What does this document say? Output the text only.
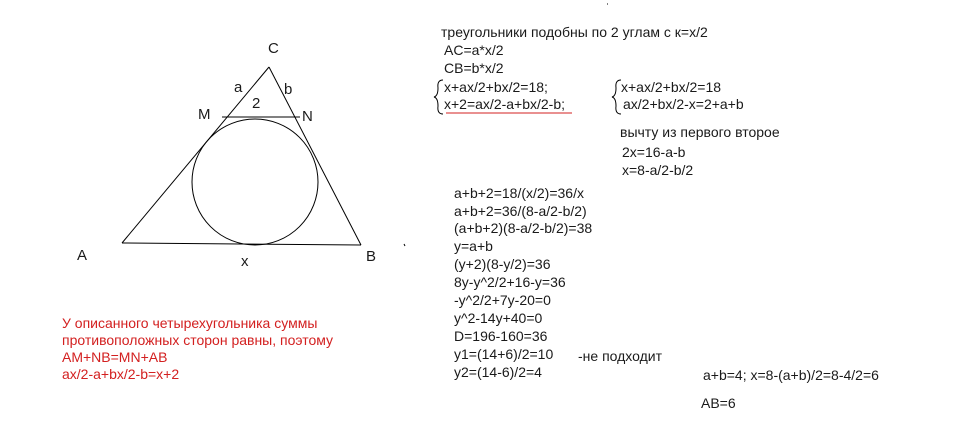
C
a	b
2
M	N
A	x	B
У описанного четырехугольника суммы
противоположных сторон равны, поэтому
AM+NB=MN+AB
ax/2-a+bx/2-b=x+2
треугольники подобны по 2 углам с к=x/2
AC=a*x/2
CB=b*x/2
x+ax/2+bx/2=18;
x+2=ax/2-a+bx/2-b;
x+ax/2+bx/2=18
ax/2+bx/2-x=2+a+b
вычту из первого второе
2x=16-a-b
x=8-a/2-b/2
a+b+2=18/(x/2)=36/x
a+b+2=36/(8-a/2-b/2)
(a+b+2)(8-a/2-b/2)=38
y=a+b
(y+2)(8-y/2)=36
8y-y^2/2+16-y=36
-y^2/2+7y-20=0
y^2-14y+40=0
D=196-160=36
y1=(14+6)/2=10
y2=(14-6)/2=4
-не подходит
a+b=4; x=8-(a+b)/2=8-4/2=6
AB=6
